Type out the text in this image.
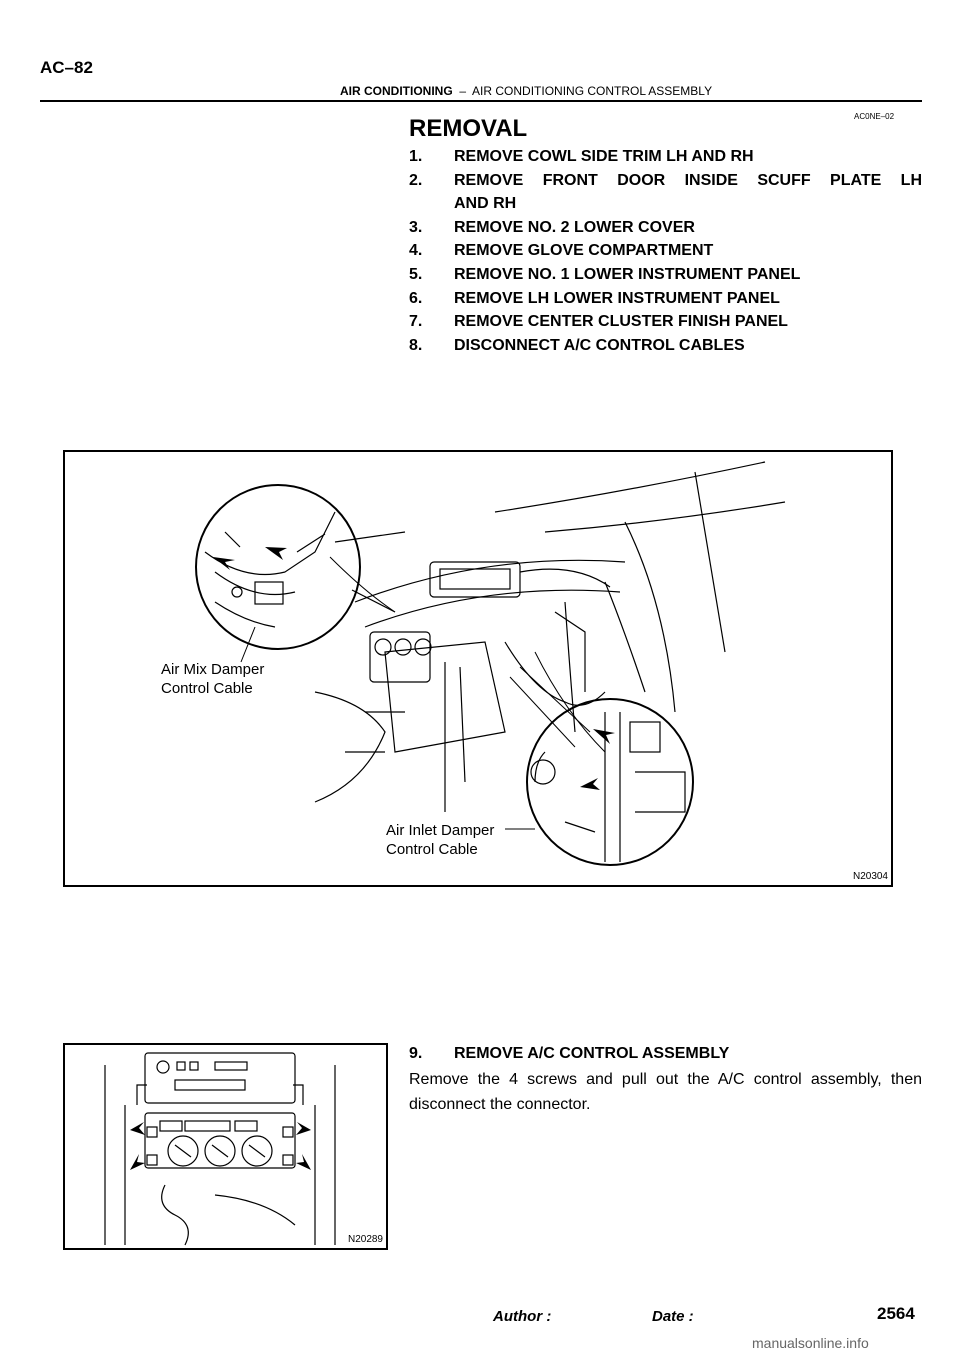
AC–82
AIR CONDITIONING – AIR CONDITIONING CONTROL ASSEMBLY
AC0NE–02
REMOVAL
1.	REMOVE COWL SIDE TRIM LH AND RH
2.	REMOVE FRONT DOOR INSIDE SCUFF PLATE LH
AND RH
3.	REMOVE NO. 2 LOWER COVER
4.	REMOVE GLOVE COMPARTMENT
5.	REMOVE NO. 1 LOWER INSTRUMENT PANEL
6.	REMOVE LH LOWER INSTRUMENT PANEL
7.	REMOVE CENTER CLUSTER FINISH PANEL
8.	DISCONNECT A/C CONTROL CABLES
Air Mix Damper
Control Cable
Air Inlet Damper
Control Cable
N20304
N20289
9.	REMOVE A/C CONTROL ASSEMBLY
Remove the 4 screws and pull out the A/C control assembly, then disconnect the connector.
Author :	Date :	2564
manualsonline.info
